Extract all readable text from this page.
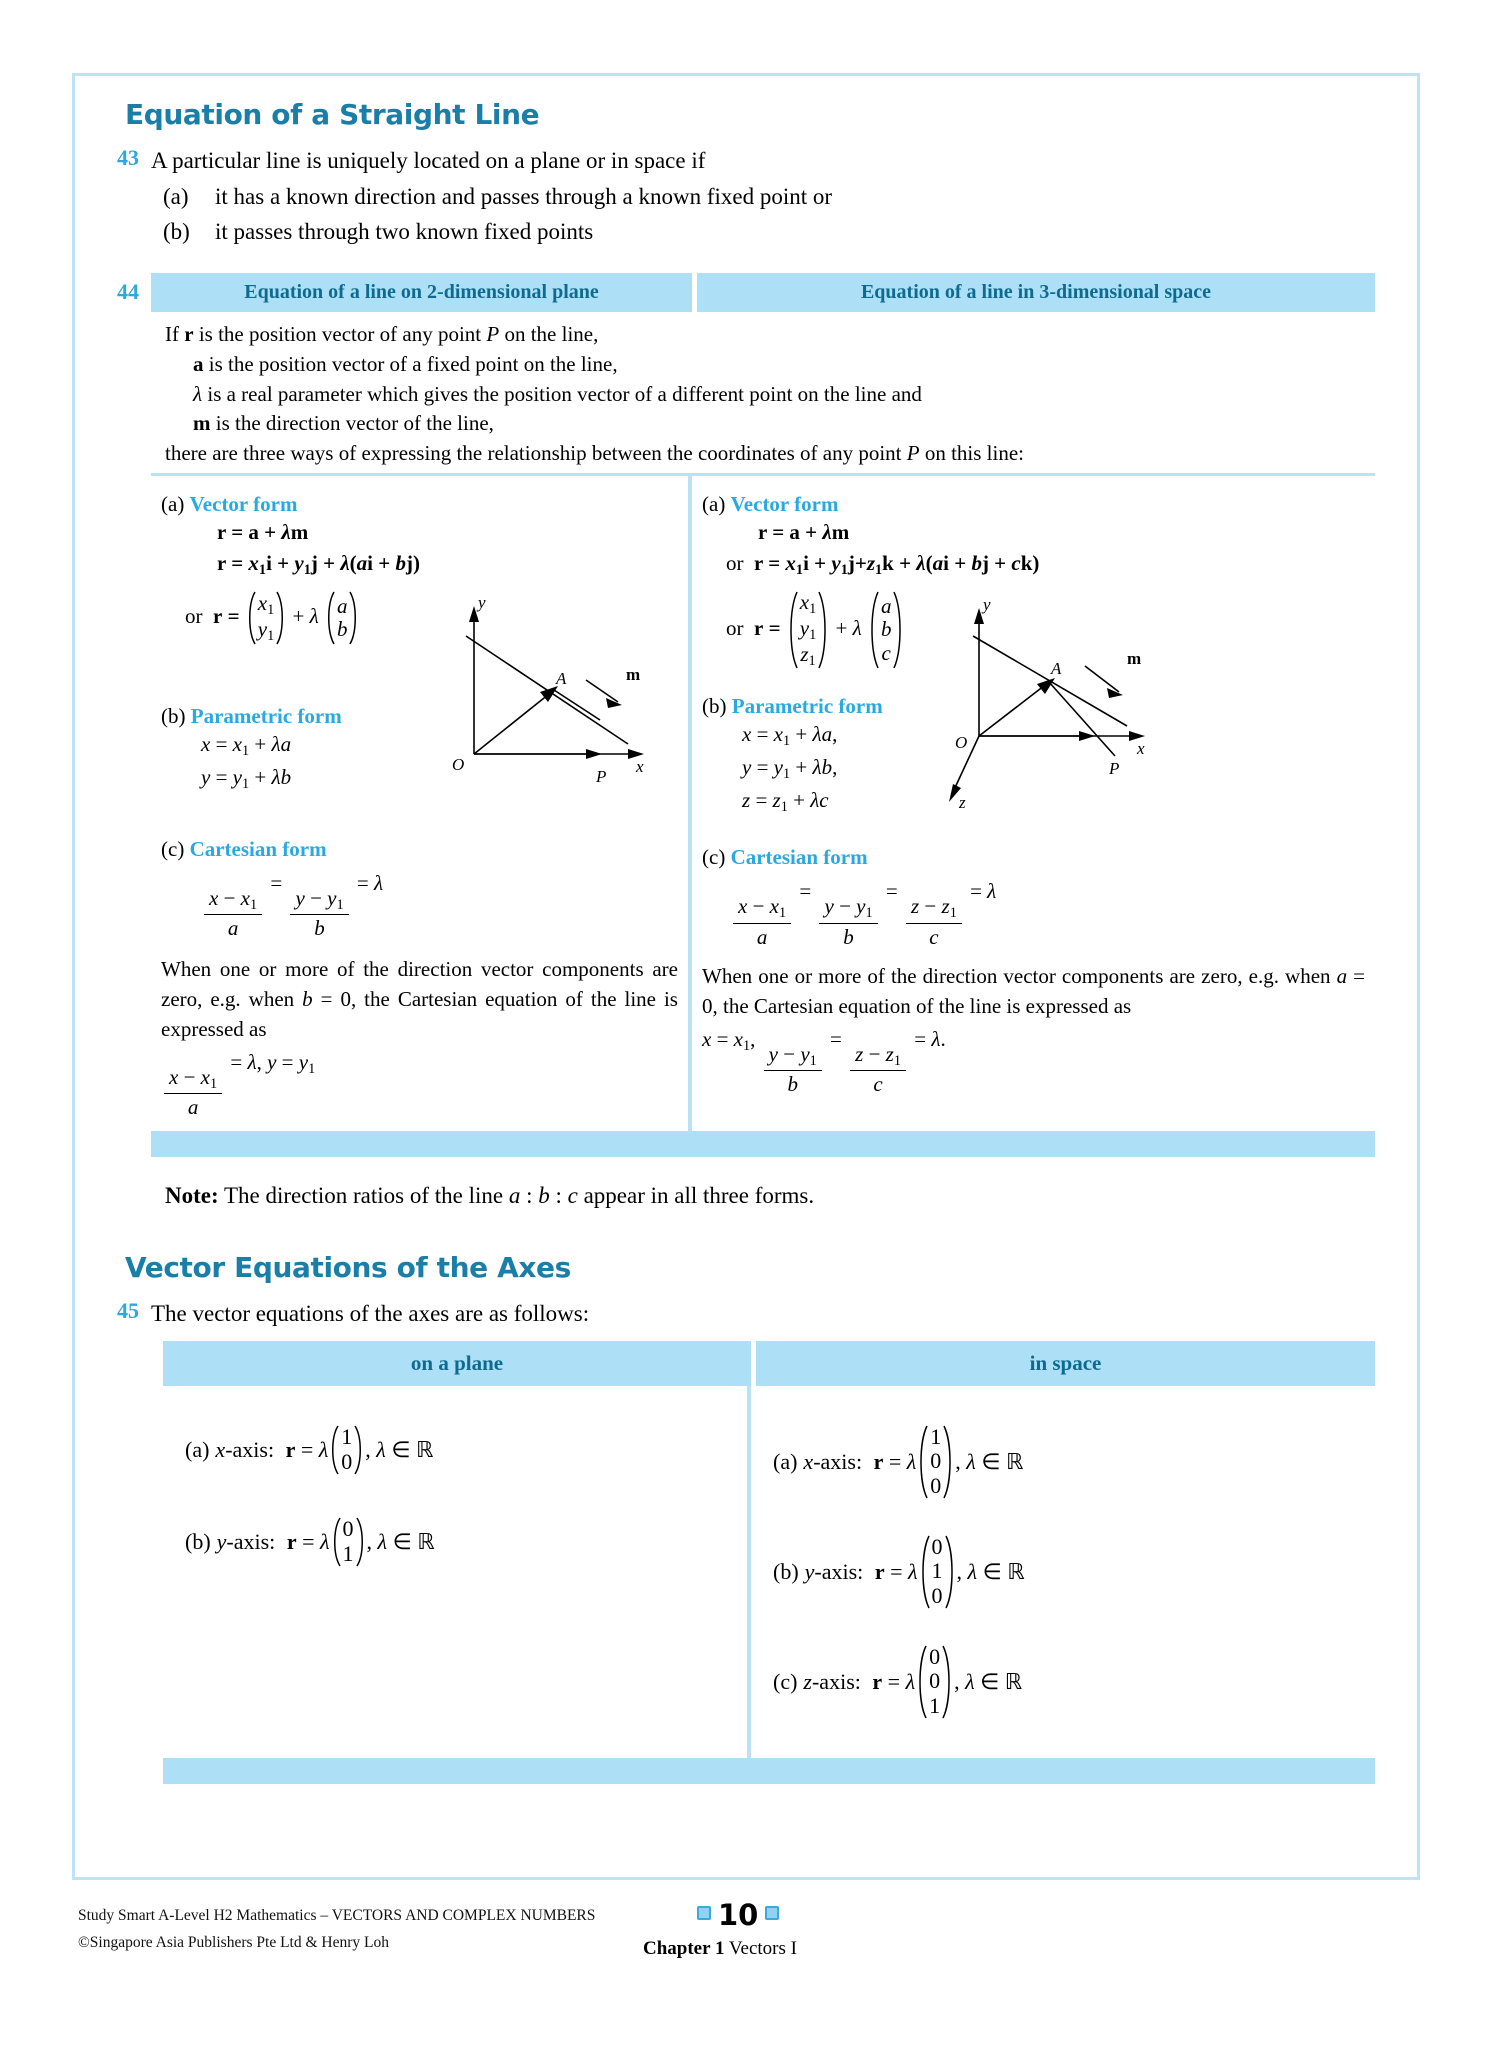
Equation of a Straight Line
43 A particular line is uniquely located on a plane or in space if
(a)	it has a known direction and passes through a known fixed point or
(b)	it passes through two known fixed points
44	Equation of a line on 2-dimensional plane	Equation of a line in 3-dimensional space
If r is the position vector of any point P on the line,
a is the position vector of a fixed point on the line,
λ is a real parameter which gives the position vector of a different point on the line and
m is the direction vector of the line,
there are three ways of expressing the relationship between the coordinates of any point P on this line:
(a) Vector form
r = a + λm
$r = x_1i + y_1j + \lambda(ai + bj)$
or  r =
$x_1$
$y_1$
+ λ a
b
(b) Parametric form
$x = x_1 + \lambda a$
$y = y_1 + \lambda b$
(c) Cartesian form
$\frac{x - x_1}{a}$
=
$\frac{y - y_1}{b}$
= λ
When one or more of the direction vector components are zero, e.g. when b = 0, the Cartesian equation of the line is expressed as
$\frac{x - x_1}{a}$
= λ, $y = y_1$
y
x
O
A
P
m
(a) Vector form
r = a + λm
or  $r = x_1i + y_1j+z_1k + \lambda(ai$ + bj + ck)
or  r =
$x_1$
$y_1$
$z_1$
+ λ
a
b
c
(b) Parametric form
$x = x_1 + \lambda a$,
$y = y_1 + \lambda b$,
$z = z_1 + \lambda c$
(c) Cartesian form
$\frac{x - x_1}{a}$
=
$\frac{y - y_1}{b}$
=
$\frac{z - z_1}{c}$
= λ
When one or more of the direction vector components are zero, e.g. when a = 0, the Cartesian equation of the line is expressed as
$x = x_1$,
$\frac{y - y_1}{b}$
=
$\frac{z - z_1}{c}$
= λ.
y
x
z
O
A
P
m
Note: The direction ratios of the line a : b : c appear in all three forms.
Vector Equations of the Axes
45 The vector equations of the axes are as follows:
on a plane	in space
(a) x-axis: r = λ
1
0 , λ ∈ ℝ
(b) y-axis: r = λ
0
1 , λ ∈ ℝ
(a) x-axis: r = λ
1
0
0
, λ ∈ ℝ
(b) y-axis: r = λ
0
1
0
, λ ∈ ℝ
(c) z-axis: r = λ
0
0
1
, λ ∈ ℝ
Study Smart A-Level H2 Mathematics – VECTORS AND COMPLEX NUMBERS
©Singapore Asia Publishers Pte Ltd & Henry Loh
10
Chapter 1 Vectors I
